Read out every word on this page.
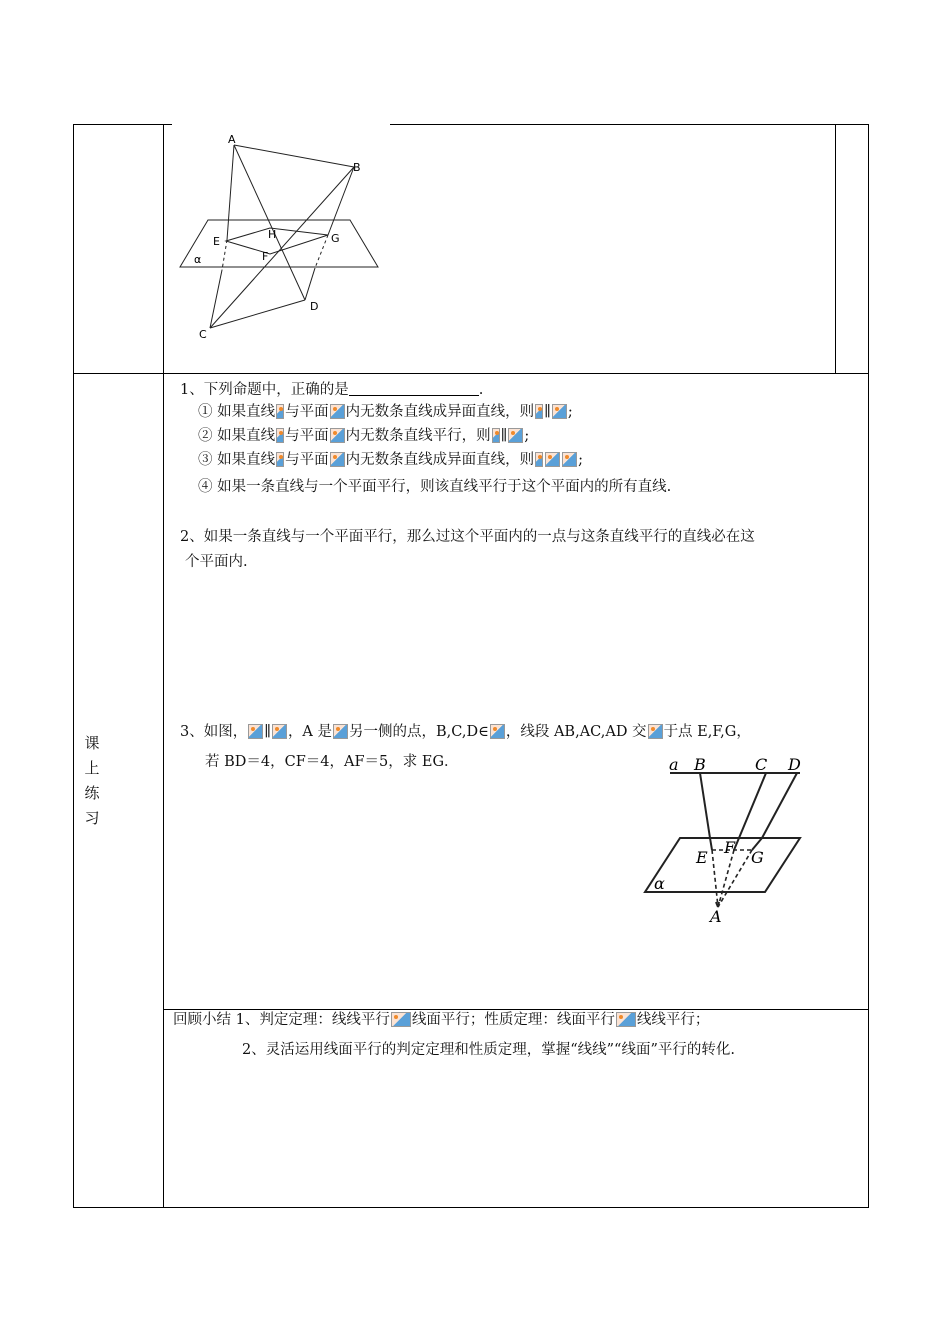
A
B
E
H	G
F
α
D
C
课
上
练
习
1、下列命题中，正确的是	.
① 如果直线 与平面 内无数条直线成异面直线，则 ∥ ;
② 如果直线 与平面 内无数条直线平行，则 ∥ ;
③ 如果直线 与平面 内无数条直线成异面直线，则	;
④ 如果一条直线与一个平面平行，则该直线平行于这个平面内的所有直线.
2、如果一条直线与一个平面平行，那么过这个平面内的一点与这条直线平行的直线必在这
个平面内.
3、如图， ∥ ，A 是 另一侧的点，B,C,D∈ ，线段 AB,AC,AD 交 于点 E,F,G，
若 BD＝4，CF＝4，AF＝5，求 EG．	a B	C D
F
E	G
α
A
回顾小结 1、判定定理：线线平行 线面平行；性质定理：线面平行 线线平行；
2、灵活运用线面平行的判定定理和性质定理，掌握“线线”“线面”平行的转化.
